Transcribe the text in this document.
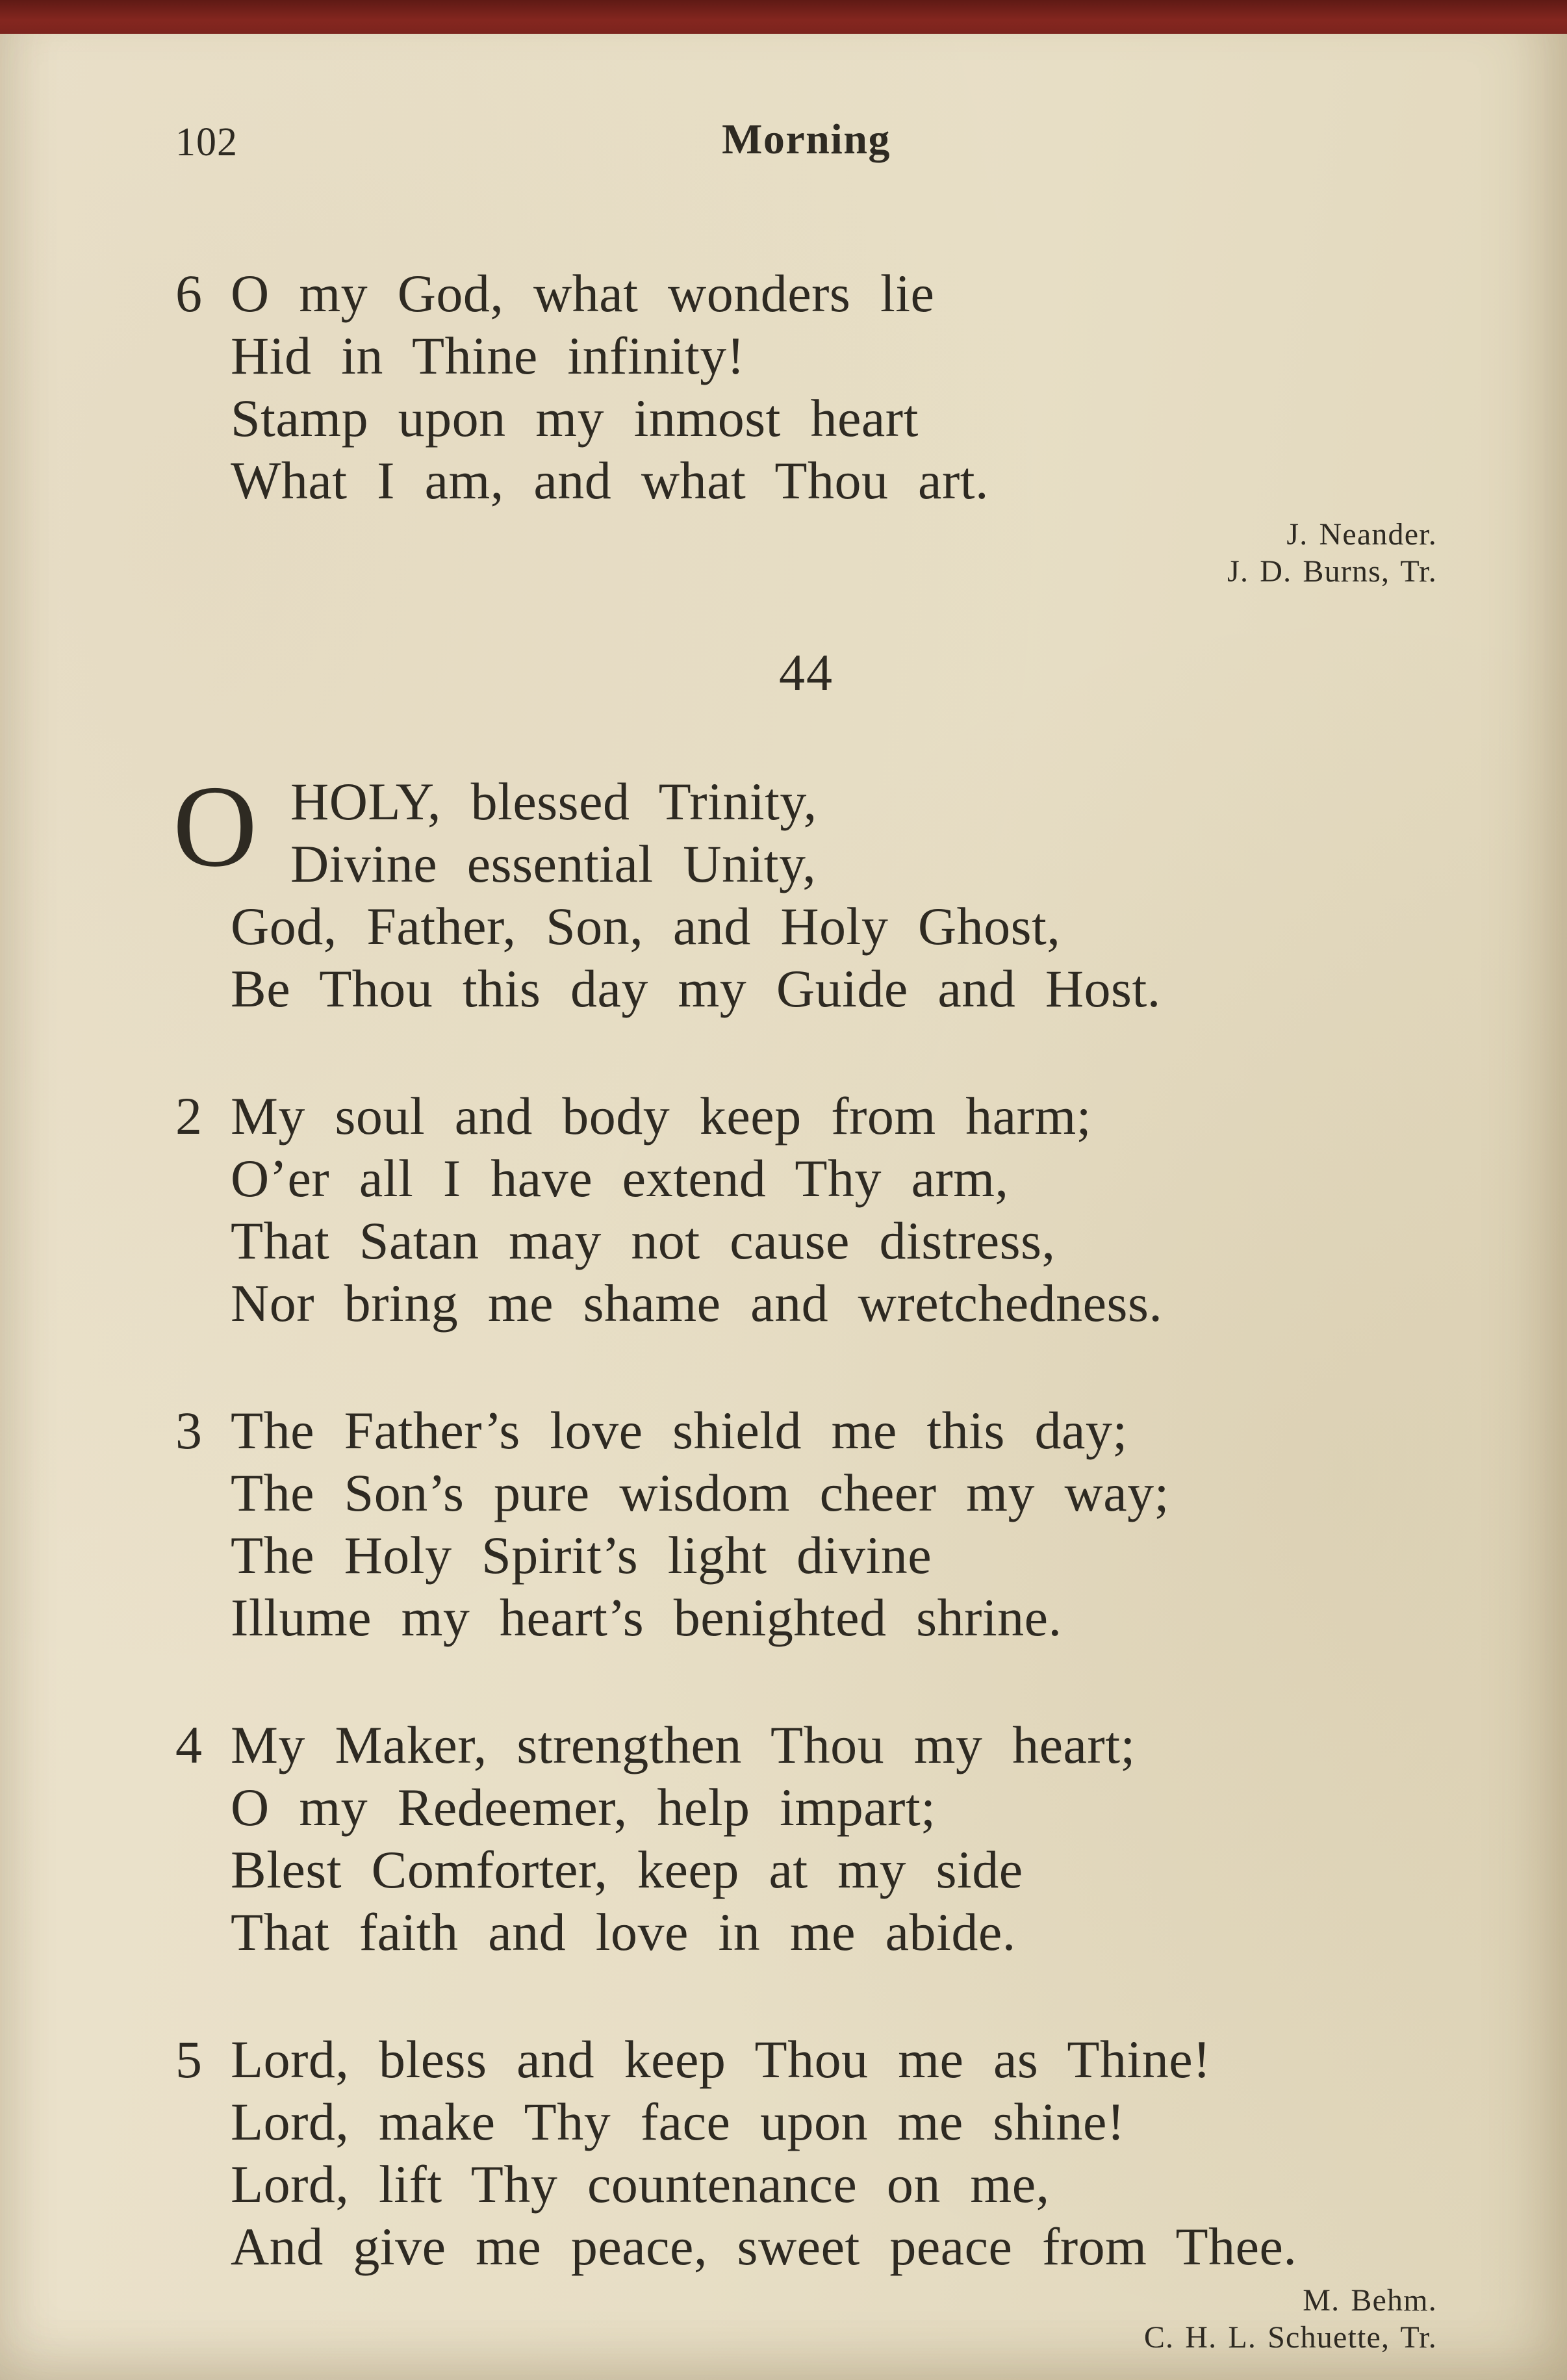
102	Morning
6 O my God, what wonders lie
Hid in Thine infinity!
Stamp upon my inmost heart
What I am, and what Thou art.
J. Neander.
J. D. Burns, Tr.
44
O HOLY, blessed Trinity,
Divine essential Unity,
God, Father, Son, and Holy Ghost,
Be Thou this day my Guide and Host.
2 My soul and body keep from harm;
O’er all I have extend Thy arm,
That Satan may not cause distress,
Nor bring me shame and wretchedness.
3 The Father’s love shield me this day;
The Son’s pure wisdom cheer my way;
The Holy Spirit’s light divine
Illume my heart’s benighted shrine.
4 My Maker, strengthen Thou my heart;
O my Redeemer, help impart;
Blest Comforter, keep at my side
That faith and love in me abide.
5 Lord, bless and keep Thou me as Thine!
Lord, make Thy face upon me shine!
Lord, lift Thy countenance on me,
And give me peace, sweet peace from Thee.
M. Behm.
C. H. L. Schuette, Tr.
